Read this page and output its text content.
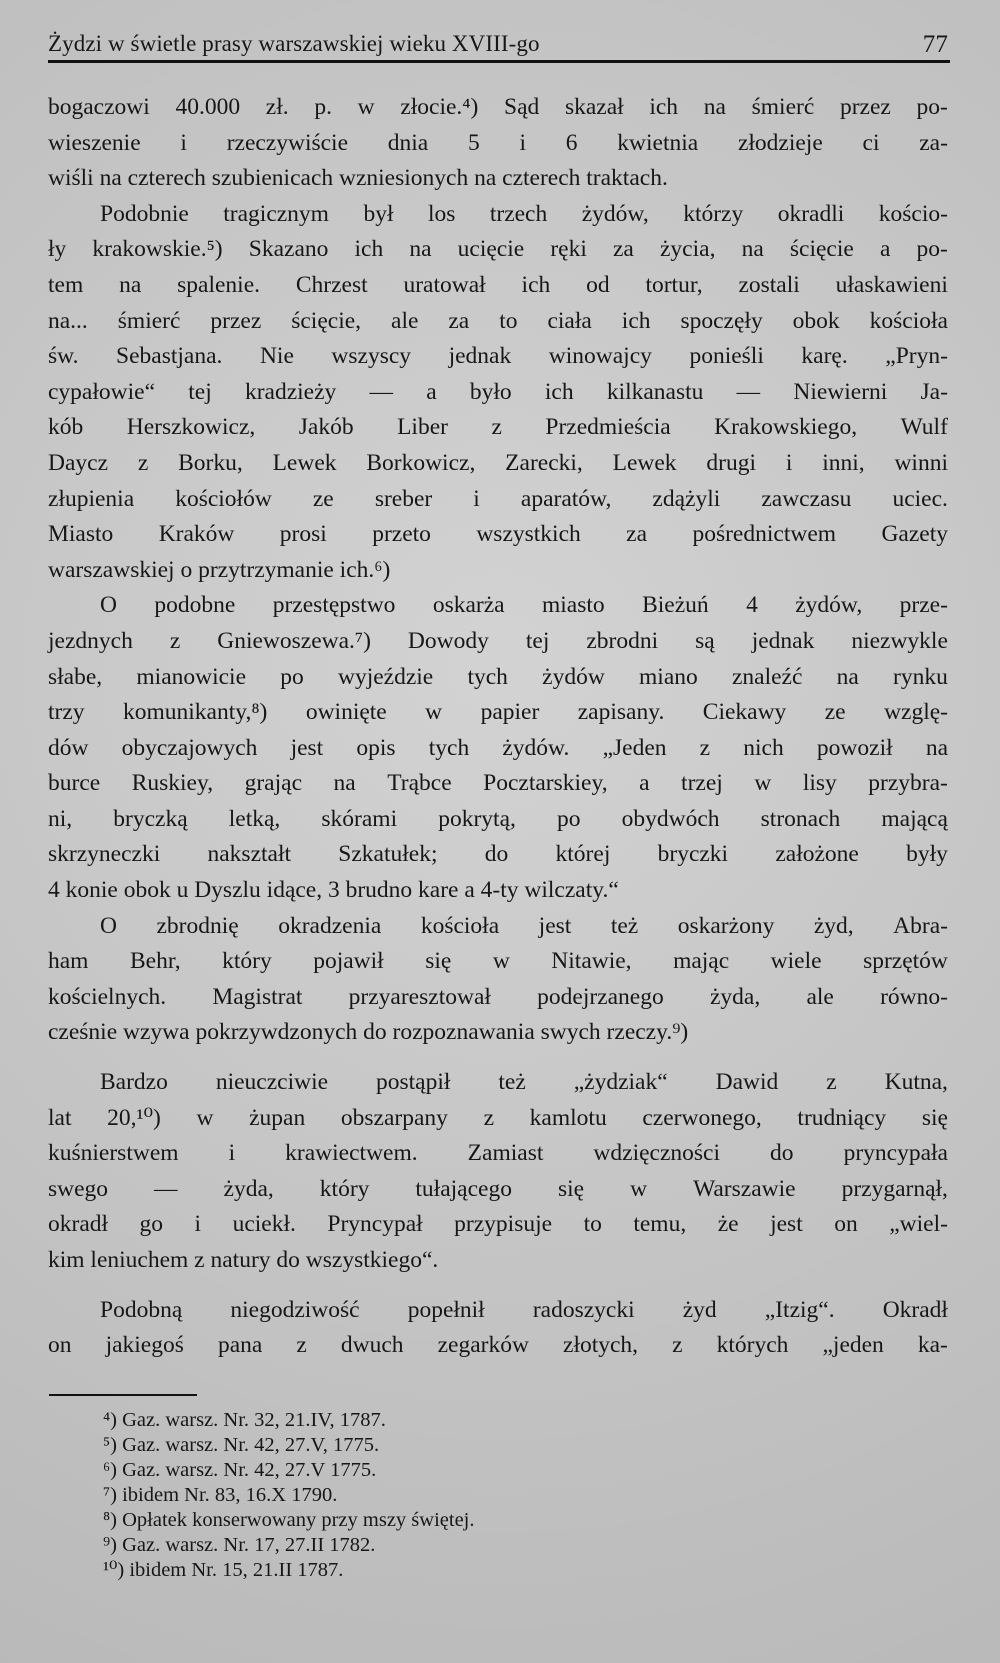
Żydzi w świetle prasy warszawskiej wieku XVIII-go	77
bogaczowi 40.000 zł. p. w złocie.⁴) Sąd skazał ich na śmierć przez po-
wieszenie i rzeczywiście dnia 5 i 6 kwietnia złodzieje ci za-
wiśli na czterech szubienicach wzniesionych na czterech traktach.
Podobnie tragicznym był los trzech żydów, którzy okradli kościo-
ły krakowskie.⁵) Skazano ich na ucięcie ręki za życia, na ścięcie a po-
tem na spalenie. Chrzest uratował ich od tortur, zostali ułaskawieni
na... śmierć przez ścięcie, ale za to ciała ich spoczęły obok kościoła
św. Sebastjana. Nie wszyscy jednak winowajcy ponieśli karę. „Pryn-
cypałowie“ tej kradzieży — a było ich kilkanastu — Niewierni Ja-
kób Herszkowicz, Jakób Liber z Przedmieścia Krakowskiego, Wulf
Daycz z Borku, Lewek Borkowicz, Zarecki, Lewek drugi i inni, winni
złupienia kościołów ze sreber i aparatów, zdążyli zawczasu uciec.
Miasto Kraków prosi przeto wszystkich za pośrednictwem Gazety
warszawskiej o przytrzymanie ich.⁶)
O podobne przestępstwo oskarża miasto Bieżuń 4 żydów, prze-
jezdnych z Gniewoszewa.⁷) Dowody tej zbrodni są jednak niezwykle
słabe, mianowicie po wyjeździe tych żydów miano znaleźć na rynku
trzy komunikanty,⁸) owinięte w papier zapisany. Ciekawy ze wzglę-
dów obyczajowych jest opis tych żydów. „Jeden z nich powoził na
burce Ruskiey, grając na Trąbce Pocztarskiey, a trzej w lisy przybra-
ni, bryczką letką, skórami pokrytą, po obydwóch stronach mającą
skrzyneczki nakształt Szkatułek; do której bryczki założone były
4 konie obok u Dyszlu idące, 3 brudno kare a 4-ty wilczaty.“
O zbrodnię okradzenia kościoła jest też oskarżony żyd, Abra-
ham Behr, który pojawił się w Nitawie, mając wiele sprzętów
kościelnych. Magistrat przyaresztował podejrzanego żyda, ale równo-
cześnie wzywa pokrzywdzonych do rozpoznawania swych rzeczy.⁹)
Bardzo nieuczciwie postąpił też „żydziak“ Dawid z Kutna,
lat 20,¹⁰) w żupan obszarpany z kamlotu czerwonego, trudniący się
kuśnierstwem i krawiectwem. Zamiast wdzięczności do pryncypała
swego — żyda, który tułającego się w Warszawie przygarnął,
okradł go i uciekł. Pryncypał przypisuje to temu, że jest on „wiel-
kim leniuchem z natury do wszystkiego“.
Podobną niegodziwość popełnił radoszycki żyd „Itzig“. Okradł
on jakiegoś pana z dwuch zegarków złotych, z których „jeden ka-
⁴) Gaz. warsz. Nr. 32, 21.IV, 1787.
⁵) Gaz. warsz. Nr. 42, 27.V, 1775.
⁶) Gaz. warsz. Nr. 42, 27.V 1775.
⁷) ibidem Nr. 83, 16.X 1790.
⁸) Opłatek konserwowany przy mszy świętej.
⁹) Gaz. warsz. Nr. 17, 27.II 1782.
¹⁰) ibidem Nr. 15, 21.II 1787.
